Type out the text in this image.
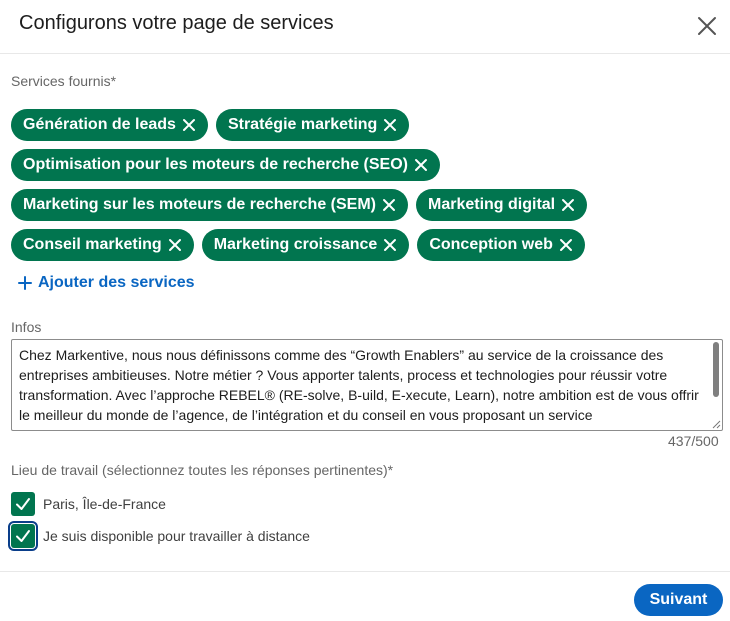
Configurons votre page de services
Services fournis*
Génération de leads	Stratégie marketing
Optimisation pour les moteurs de recherche (SEO)
Marketing sur les moteurs de recherche (SEM)	Marketing digital
Conseil marketing	Marketing croissance	Conception web
Ajouter des services
Infos
Chez Markentive, nous nous définissons comme des “Growth Enablers” au service de la croissance des entreprises ambitieuses. Notre métier ? Vous apporter talents, process et technologies pour réussir votre transformation. Avec l’approche REBEL® (RE-solve, B-uild, E-xecute, Learn), notre ambition est de vous offrir le meilleur du monde de l’agence, de l’intégration et du conseil en vous proposant un service
437/500
Lieu de travail (sélectionnez toutes les réponses pertinentes)*
Paris, Île-de-France
Je suis disponible pour travailler à distance
Suivant
